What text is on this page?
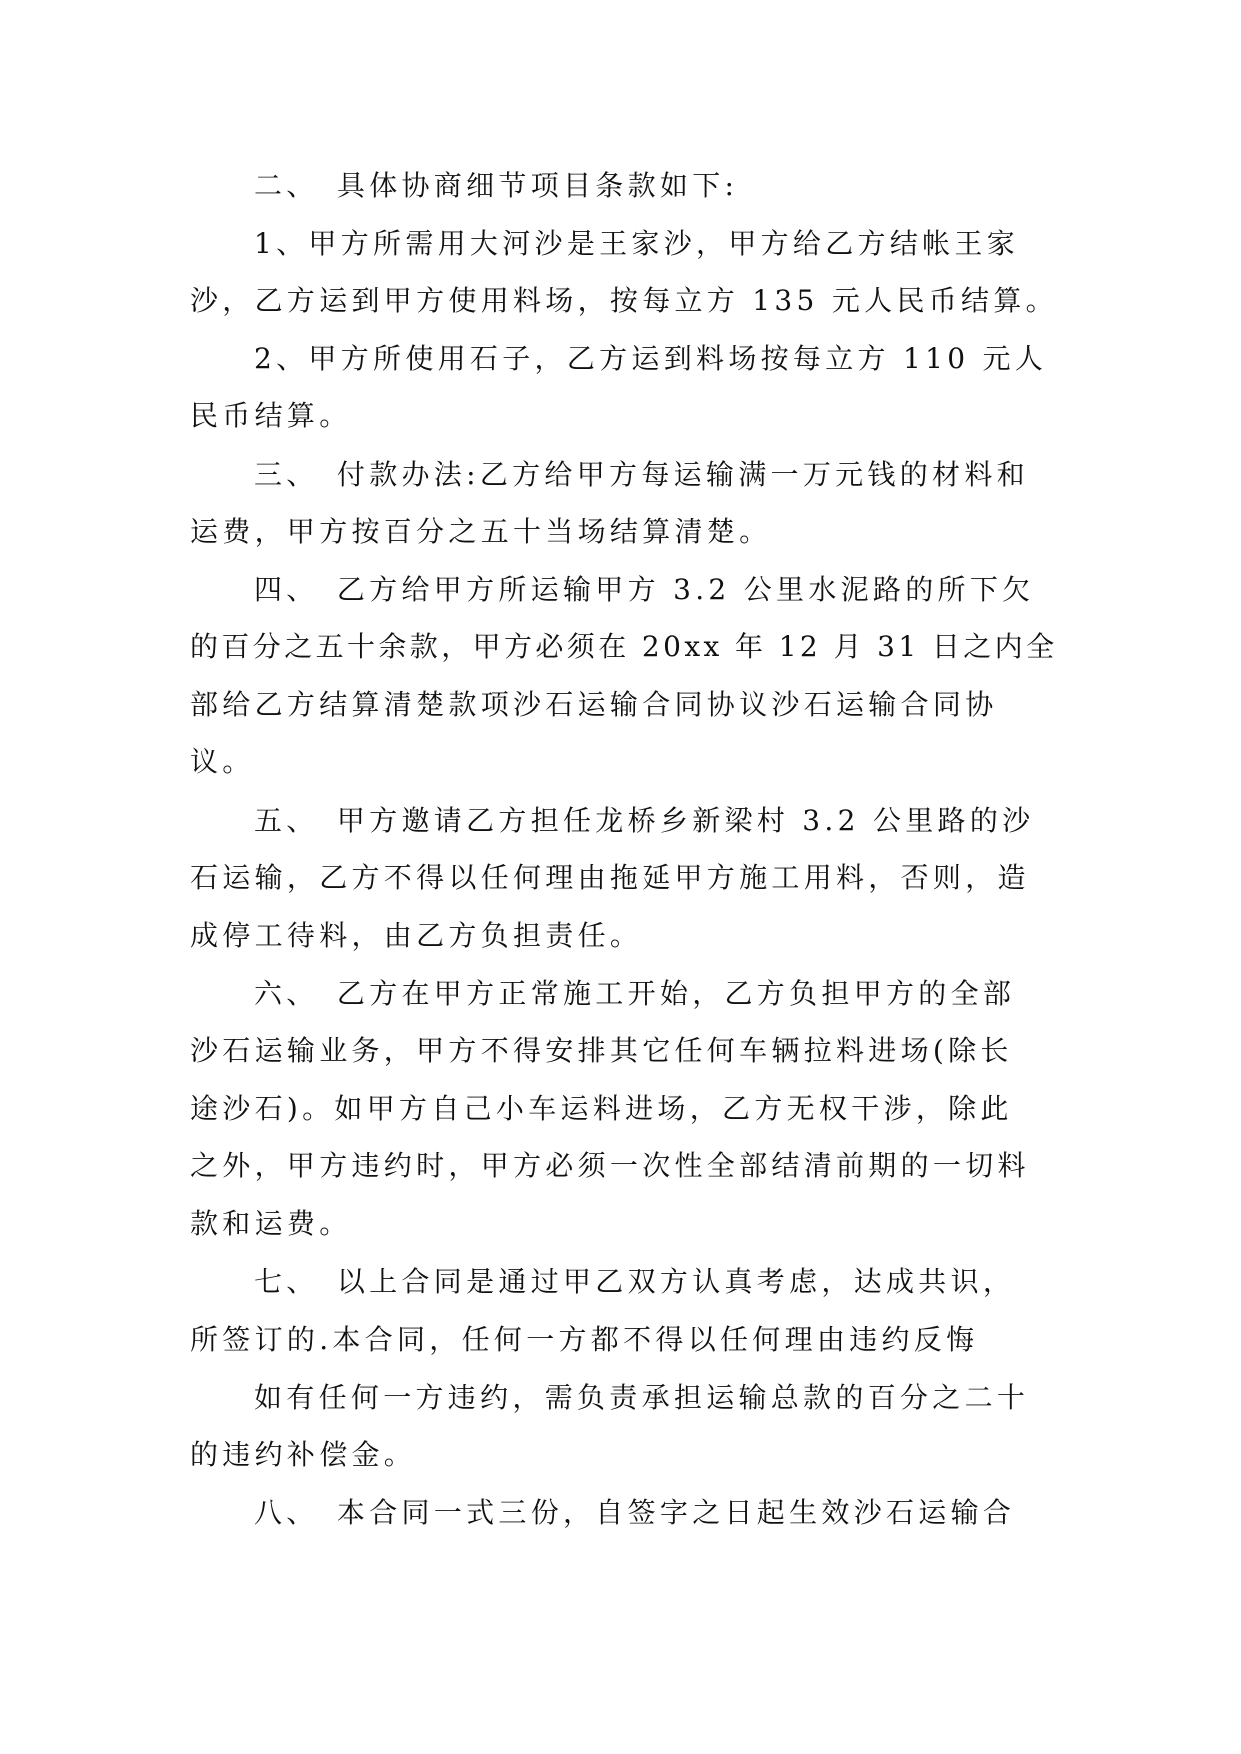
二、　具体协商细节项目条款如下:

1、甲方所需用大河沙是王家沙，甲方给乙方结帐王家

沙，乙方运到甲方使用料场，按每立方 135 元人民币结算。

2、甲方所使用石子，乙方运到料场按每立方 110 元人

民币结算。

三、　付款办法:乙方给甲方每运输满一万元钱的材料和

运费，甲方按百分之五十当场结算清楚。

四、　乙方给甲方所运输甲方 3.2 公里水泥路的所下欠

的百分之五十余款，甲方必须在 20xx 年 12 月 31 日之内全

部给乙方结算清楚款项沙石运输合同协议沙石运输合同协

议。

五、　甲方邀请乙方担任龙桥乡新梁村 3.2 公里路的沙

石运输，乙方不得以任何理由拖延甲方施工用料，否则，造

成停工待料，由乙方负担责任。

六、　乙方在甲方正常施工开始，乙方负担甲方的全部

沙石运输业务，甲方不得安排其它任何车辆拉料进场(除长

途沙石)。如甲方自己小车运料进场，乙方无权干涉，除此

之外，甲方违约时，甲方必须一次性全部结清前期的一切料

款和运费。

七、　以上合同是通过甲乙双方认真考虑，达成共识，

所签订的.本合同，任何一方都不得以任何理由违约反悔

如有任何一方违约，需负责承担运输总款的百分之二十

的违约补偿金。

八、　本合同一式三份，自签字之日起生效沙石运输合
